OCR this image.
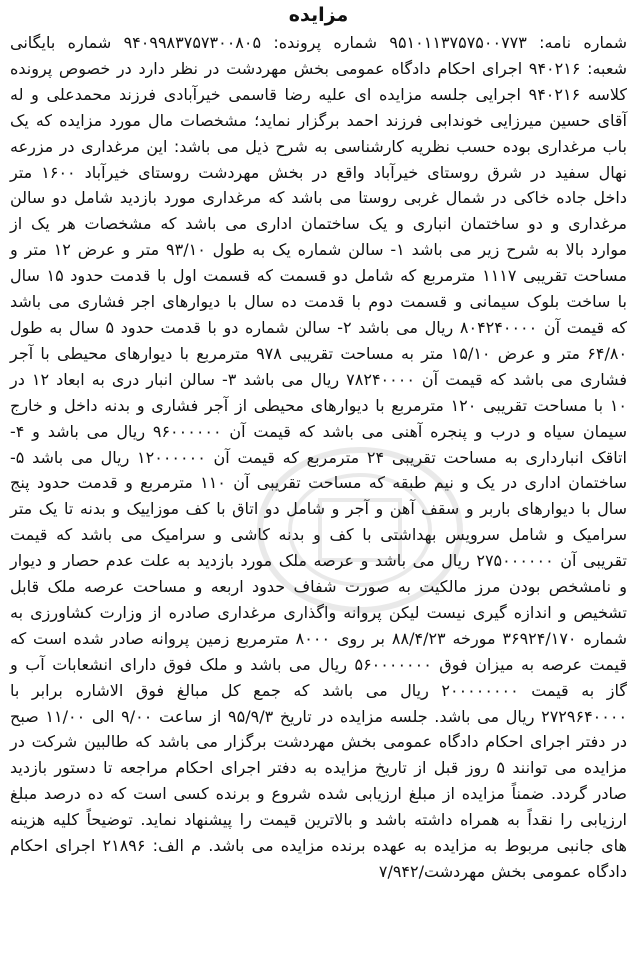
مزایده

شماره نامه: ۹۵۱۰۱۱۳۷۵۷۵۰۰۷۷۳ شماره پرونده: ۹۴۰۹۹۸۳۷۵۷۳۰۰۸۰۵ شماره بایگانی شعبه: ۹۴۰۲۱۶ اجرای احکام دادگاه عمومی بخش مهردشت در نظر دارد در خصوص پرونده کلاسه ۹۴۰۲۱۶ اجرایی جلسه مزایده ای علیه رضا قاسمی خیرآبادی فرزند محمدعلی و له آقای حسین میرزایی خوندابی فرزند احمد برگزار نماید؛ مشخصات مال مورد مزایده که یک باب مرغداری بوده حسب نظریه کارشناسی به شرح ذیل می باشد: این مرغداری در مزرعه نهال سفید در شرق روستای خیرآباد واقع در بخش مهردشت روستای خیرآباد ۱۶۰۰ متر داخل جاده خاکی در شمال غربی روستا می باشد که مرغداری مورد بازدید شامل دو سالن مرغداری و دو ساختمان انباری و یک ساختمان اداری می باشد که مشخصات هر یک از موارد بالا به شرح زیر می باشد ۱- سالن شماره یک به طول ۹۳/۱۰ متر و عرض ۱۲ متر و مساحت تقریبی ۱۱۱۷ مترمربع که شامل دو قسمت که قسمت اول با قدمت حدود ۱۵ سال با ساخت بلوک سیمانی و قسمت دوم با قدمت ده سال با دیوارهای اجر فشاری می باشد که قیمت آن ۸۰۴۲۴۰۰۰۰ ریال می باشد ۲- سالن شماره دو با قدمت حدود ۵ سال به طول ۶۴/۸۰ متر و عرض ۱۵/۱۰ متر به مساحت تقریبی ۹۷۸ مترمربع با دیوارهای محیطی با آجر فشاری می باشد که قیمت آن ۷۸۲۴۰۰۰۰ ریال می باشد ۳- سالن انبار دری به ابعاد ۱۲ در ۱۰ با مساحت تقریبی ۱۲۰ مترمربع با دیوارهای محیطی از آجر فشاری و بدنه داخل و خارج سیمان سیاه و درب و پنجره آهنی می باشد که قیمت آن ۹۶۰۰۰۰۰۰ ریال می باشد و ۴- اتاقک انبارداری به مساحت تقریبی ۲۴ مترمربع که قیمت آن ۱۲۰۰۰۰۰۰ ریال می باشد ۵- ساختمان اداری در یک و نیم طبقه که مساحت تقریبی آن ۱۱۰ مترمربع و قدمت حدود پنج سال با دیوارهای باربر و سقف آهن و آجر و شامل دو اتاق با کف موزاییک و بدنه تا یک متر سرامیک و شامل سرویس بهداشتی با کف و بدنه کاشی و سرامیک می باشد که قیمت تقریبی آن ۲۷۵۰۰۰۰۰۰ ریال می باشد و عرصه ملک مورد بازدید به علت عدم حصار و دیوار و نامشخص بودن مرز مالکیت به صورت شفاف حدود اربعه و مساحت عرصه ملک قابل تشخیص و اندازه گیری نیست لیکن پروانه واگذاری مرغداری صادره از وزارت کشاورزی به شماره ۳۶۹۲۴/۱۷۰ مورخه ۸۸/۴/۲۳ بر روی ۸۰۰۰ مترمربع زمین پروانه صادر شده است که قیمت عرصه به میزان فوق ۵۶۰۰۰۰۰۰۰ ریال می باشد و ملک فوق دارای انشعابات آب و گاز به قیمت ۲۰۰۰۰۰۰۰۰ ریال می باشد که جمع کل مبالغ فوق الاشاره برابر با ۲۷۲۹۶۴۰۰۰۰ ریال می باشد. جلسه مزایده در تاریخ ۹۵/۹/۳ از ساعت ۹/۰۰ الی ۱۱/۰۰ صبح در دفتر اجرای احکام دادگاه عمومی بخش مهردشت برگزار می باشد که طالبین شرکت در مزایده می توانند ۵ روز قبل از تاریخ مزایده به دفتر اجرای احکام مراجعه تا دستور بازدید صادر گردد. ضمناً مزایده از مبلغ ارزیابی شده شروع و برنده کسی است که ده درصد مبلغ ارزیابی را نقداً به همراه داشته باشد و بالاترین قیمت را پیشنهاد نماید. توضیحاً کلیه هزینه های جانبی مربوط به مزایده به عهده برنده مزایده می باشد. م الف: ۲۱۸۹۶ اجرای احکام دادگاه عمومی بخش مهردشت/۷/۹۴۲
